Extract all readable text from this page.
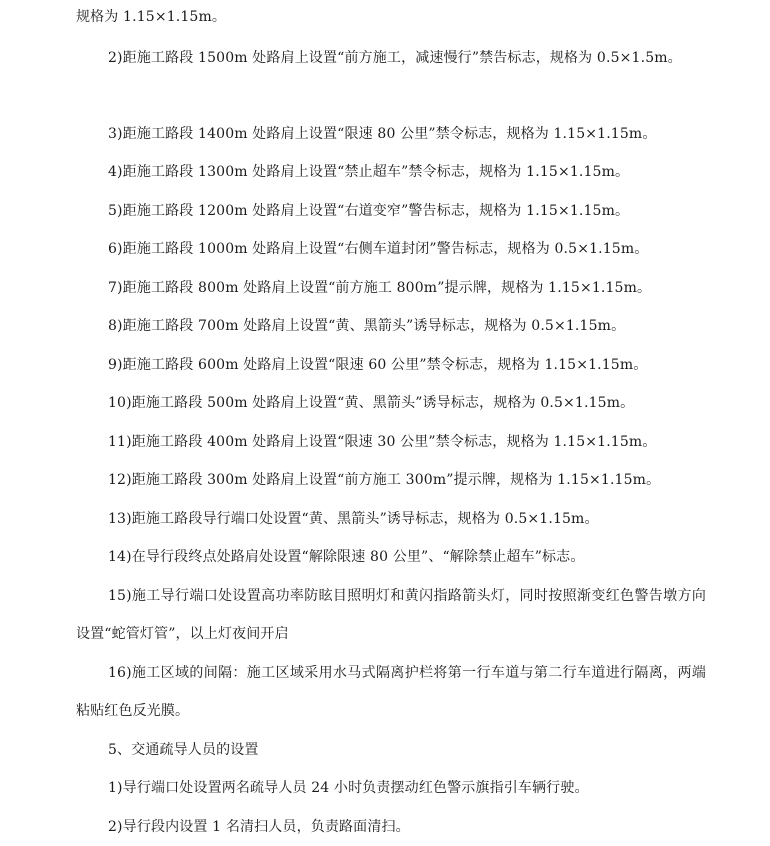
规格为 1.15×1.15m。

2)距施工路段 1500m 处路肩上设置“前方施工，减速慢行”禁告标志，规格为 0.5×1.5m。

3)距施工路段 1400m 处路肩上设置“限速 80 公里”禁令标志，规格为 1.15×1.15m。

4)距施工路段 1300m 处路肩上设置“禁止超车”禁令标志，规格为 1.15×1.15m。

5)距施工路段 1200m 处路肩上设置“右道变窄”警告标志，规格为 1.15×1.15m。

6)距施工路段 1000m 处路肩上设置“右侧车道封闭”警告标志，规格为 0.5×1.15m。

7)距施工路段 800m 处路肩上设置“前方施工 800m”提示牌，规格为 1.15×1.15m。

8)距施工路段 700m 处路肩上设置“黄、黑箭头”诱导标志，规格为 0.5×1.15m。

9)距施工路段 600m 处路肩上设置“限速 60 公里”禁令标志，规格为 1.15×1.15m。

10)距施工路段 500m 处路肩上设置“黄、黑箭头”诱导标志，规格为 0.5×1.15m。

11)距施工路段 400m 处路肩上设置“限速 30 公里”禁令标志，规格为 1.15×1.15m。

12)距施工路段 300m 处路肩上设置“前方施工 300m”提示牌，规格为 1.15×1.15m。

13)距施工路段导行端口处设置“黄、黑箭头”诱导标志，规格为 0.5×1.15m。

14)在导行段终点处路肩处设置“解除限速 80 公里”、“解除禁止超车”标志。

15)施工导行端口处设置高功率防眩目照明灯和黄闪指路箭头灯，同时按照渐变红色警告墩方向设置“蛇管灯管”，以上灯夜间开启

16)施工区域的间隔：施工区域采用水马式隔离护栏将第一行车道与第二行车道进行隔离，两端粘贴红色反光膜。

5、交通疏导人员的设置

1)导行端口处设置两名疏导人员 24 小时负责摆动红色警示旗指引车辆行驶。

2)导行段内设置 1 名清扫人员，负责路面清扫。
